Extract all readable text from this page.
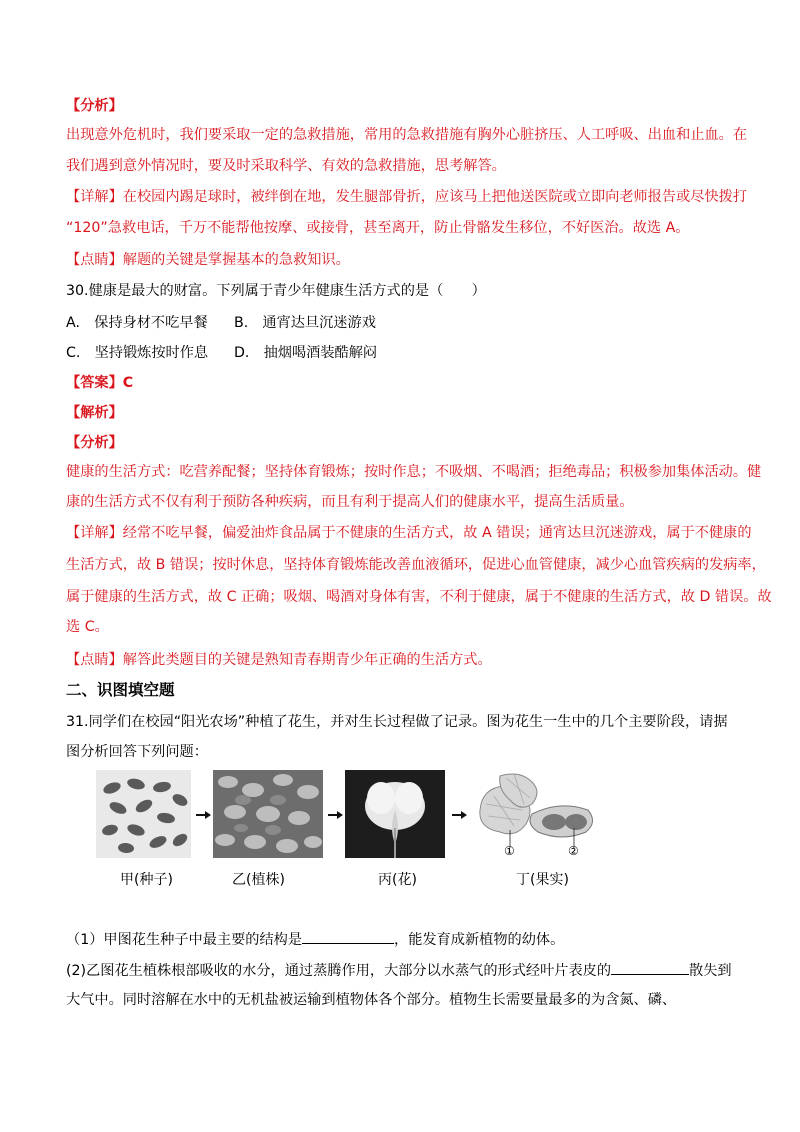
【分析】
出现意外危机时，我们要采取一定的急救措施，常用的急救措施有胸外心脏挤压、人工呼吸、出血和止血。在
我们遇到意外情况时，要及时采取科学、有效的急救措施，思考解答。
【详解】在校园内踢足球时，被绊倒在地，发生腿部骨折，应该马上把他送医院或立即向老师报告或尽快拨打
“120”急救电话，千万不能帮他按摩、或接骨，甚至离开，防止骨骼发生移位，不好医治。故选 A。
【点睛】解题的关键是掌握基本的急救知识。
30.健康是最大的财富。下列属于青少年健康生活方式的是（　　）
A.　保持身材不吃早餐 B.　通宵达旦沉迷游戏
C.　坚持锻炼按时作息 D.　抽烟喝酒装酷解闷
【答案】C
【解析】
【分析】
健康的生活方式：吃营养配餐；坚持体育锻炼；按时作息；不吸烟、不喝酒；拒绝毒品；积极参加集体活动。健
康的生活方式不仅有利于预防各种疾病，而且有利于提高人们的健康水平，提高生活质量。
【详解】经常不吃早餐，偏爱油炸食品属于不健康的生活方式，故 A 错误；通宵达旦沉迷游戏，属于不健康的
生活方式，故 B 错误；按时休息，坚持体育锻炼能改善血液循环，促进心血管健康，减少心血管疾病的发病率，
属于健康的生活方式，故 C 正确；吸烟、喝酒对身体有害，不利于健康，属于不健康的生活方式，故 D 错误。故
选 C。
【点睛】解答此类题目的关键是熟知青春期青少年正确的生活方式。
二、识图填空题
31.同学们在校园“阳光农场”种植了花生，并对生长过程做了记录。图为花生一生中的几个主要阶段，请据
图分析回答下列问题：
①	②
甲(种子)	乙(植株)	丙(花)	丁(果实)
（1）甲图花生种子中最主要的结构是	，能发育成新植物的幼体。
(2)乙图花生植株根部吸收的水分，通过蒸腾作用，大部分以水蒸气的形式经叶片表皮的	散失到
大气中。同时溶解在水中的无机盐被运输到植物体各个部分。植物生长需要量最多的为含氮、磷、
